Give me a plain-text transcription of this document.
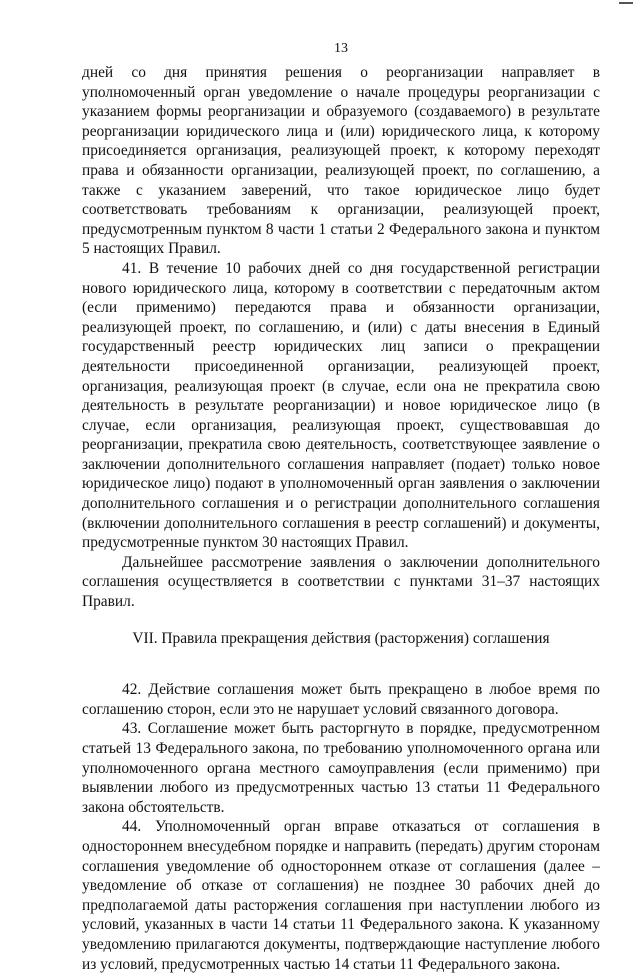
13

дней со дня принятия решения о реорганизации направляет в уполномоченный орган уведомление о начале процедуры реорганизации с указанием формы реорганизации и образуемого (создаваемого) в результате реорганизации юридического лица и (или) юридического лица, к которому присоединяется организация, реализующей проект, к которому переходят права и обязанности организации, реализующей проект, по соглашению, а также с указанием заверений, что такое юридическое лицо будет соответствовать требованиям к организации, реализующей проект, предусмотренным пунктом 8 части 1 статьи 2 Федерального закона и пунктом 5 настоящих Правил.

41. В течение 10 рабочих дней со дня государственной регистрации нового юридического лица, которому в соответствии с передаточным актом (если применимо) передаются права и обязанности организации, реализующей проект, по соглашению, и (или) с даты внесения в Единый государственный реестр юридических лиц записи о прекращении деятельности присоединенной организации, реализующей проект, организация, реализующая проект (в случае, если она не прекратила свою деятельность в результате реорганизации) и новое юридическое лицо (в случае, если организация, реализующая проект, существовавшая до реорганизации, прекратила свою деятельность, соответствующее заявление о заключении дополнительного соглашения направляет (подает) только новое юридическое лицо) подают в уполномоченный орган заявления о заключении дополнительного соглашения и о регистрации дополнительного соглашения (включении дополнительного соглашения в реестр соглашений) и документы, предусмотренные пунктом 30 настоящих Правил.

Дальнейшее рассмотрение заявления о заключении дополнительного соглашения осуществляется в соответствии с пунктами 31–37 настоящих Правил.

VII. Правила прекращения действия (расторжения) соглашения

42. Действие соглашения может быть прекращено в любое время по соглашению сторон, если это не нарушает условий связанного договора.

43. Соглашение может быть расторгнуто в порядке, предусмотренном статьей 13 Федерального закона, по требованию уполномоченного органа или уполномоченного органа местного самоуправления (если применимо) при выявлении любого из предусмотренных частью 13 статьи 11 Федерального закона обстоятельств.

44. Уполномоченный орган вправе отказаться от соглашения в одностороннем внесудебном порядке и направить (передать) другим сторонам соглашения уведомление об одностороннем отказе от соглашения (далее – уведомление об отказе от соглашения) не позднее 30 рабочих дней до предполагаемой даты расторжения соглашения при наступлении любого из условий, указанных в части 14 статьи 11 Федерального закона. К указанному уведомлению прилагаются документы, подтверждающие наступление любого из условий, предусмотренных частью 14 статьи 11 Федерального закона.
